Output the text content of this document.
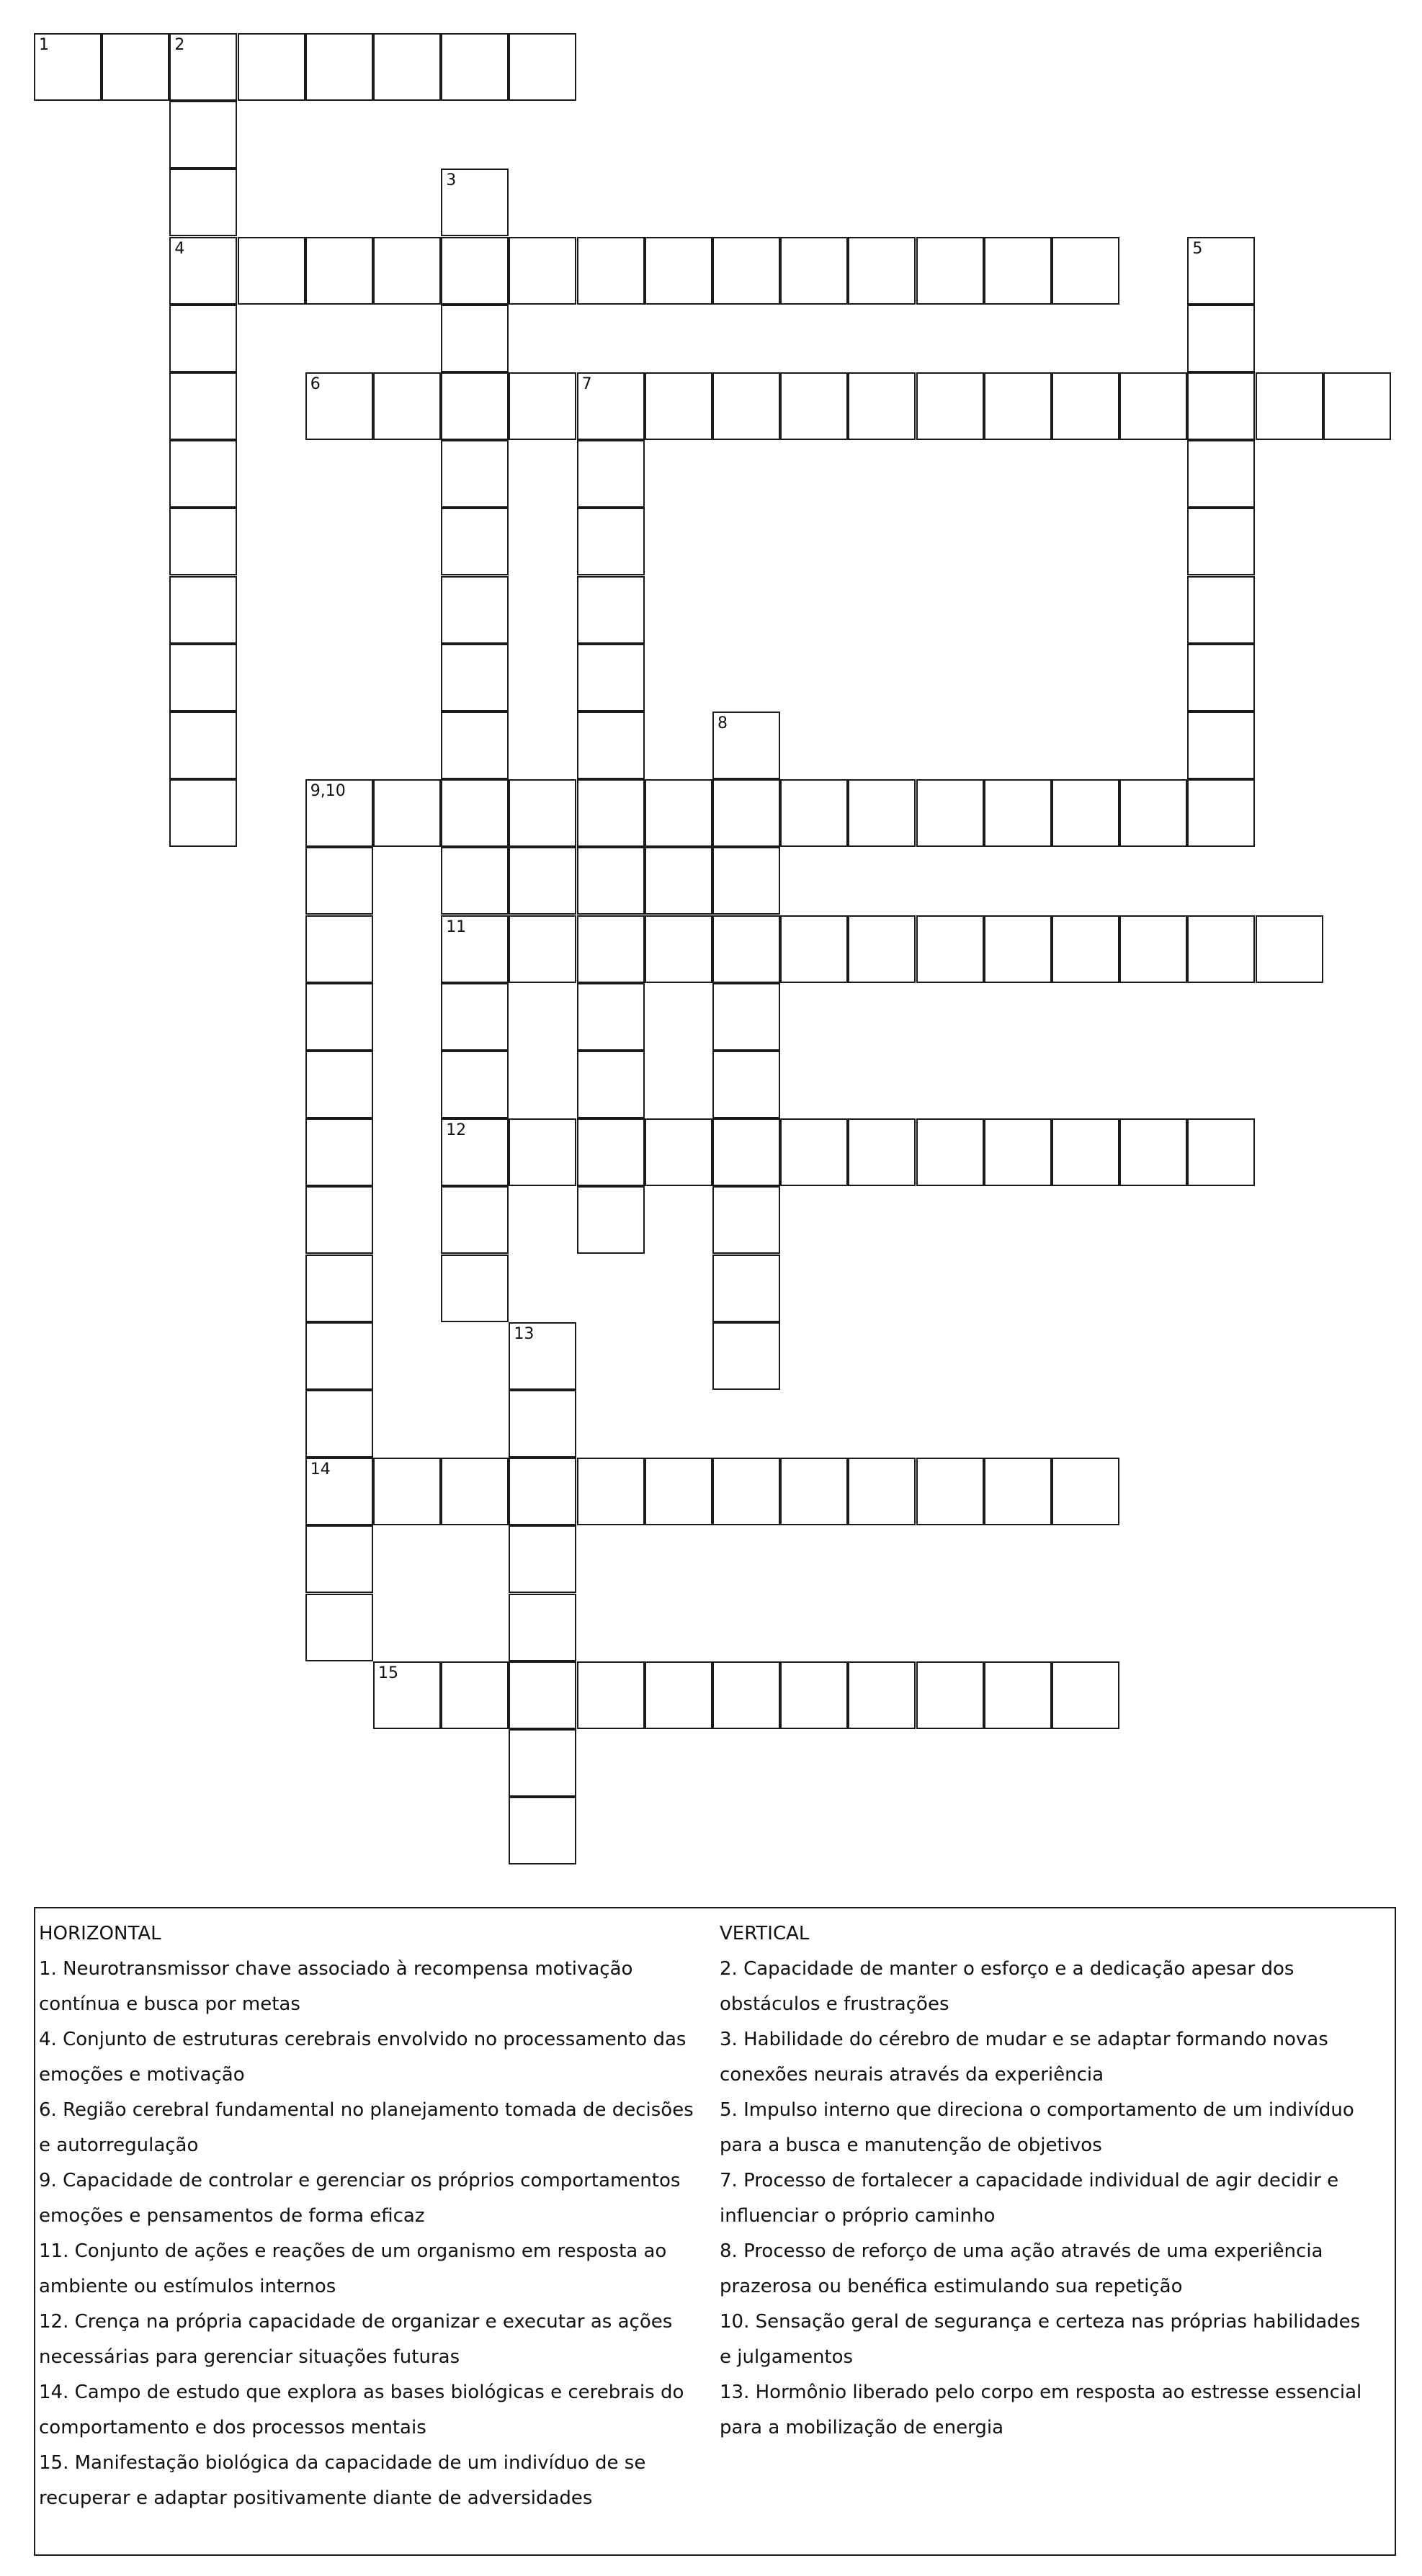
1	2
3
4	5
6	7
8
9,10
11
12
13
14
15
HORIZONTAL
1. Neurotransmissor chave associado à recompensa motivação
contínua e busca por metas
4. Conjunto de estruturas cerebrais envolvido no processamento das
emoções e motivação
6. Região cerebral fundamental no planejamento tomada de decisões
e autorregulação
9. Capacidade de controlar e gerenciar os próprios comportamentos
emoções e pensamentos de forma eficaz
11. Conjunto de ações e reações de um organismo em resposta ao
ambiente ou estímulos internos
12. Crença na própria capacidade de organizar e executar as ações
necessárias para gerenciar situações futuras
14. Campo de estudo que explora as bases biológicas e cerebrais do
comportamento e dos processos mentais
15. Manifestação biológica da capacidade de um indivíduo de se
recuperar e adaptar positivamente diante de adversidades
VERTICAL
2. Capacidade de manter o esforço e a dedicação apesar dos
obstáculos e frustrações
3. Habilidade do cérebro de mudar e se adaptar formando novas
conexões neurais através da experiência
5. Impulso interno que direciona o comportamento de um indivíduo
para a busca e manutenção de objetivos
7. Processo de fortalecer a capacidade individual de agir decidir e
influenciar o próprio caminho
8. Processo de reforço de uma ação através de uma experiência
prazerosa ou benéfica estimulando sua repetição
10. Sensação geral de segurança e certeza nas próprias habilidades
e julgamentos
13. Hormônio liberado pelo corpo em resposta ao estresse essencial
para a mobilização de energia
